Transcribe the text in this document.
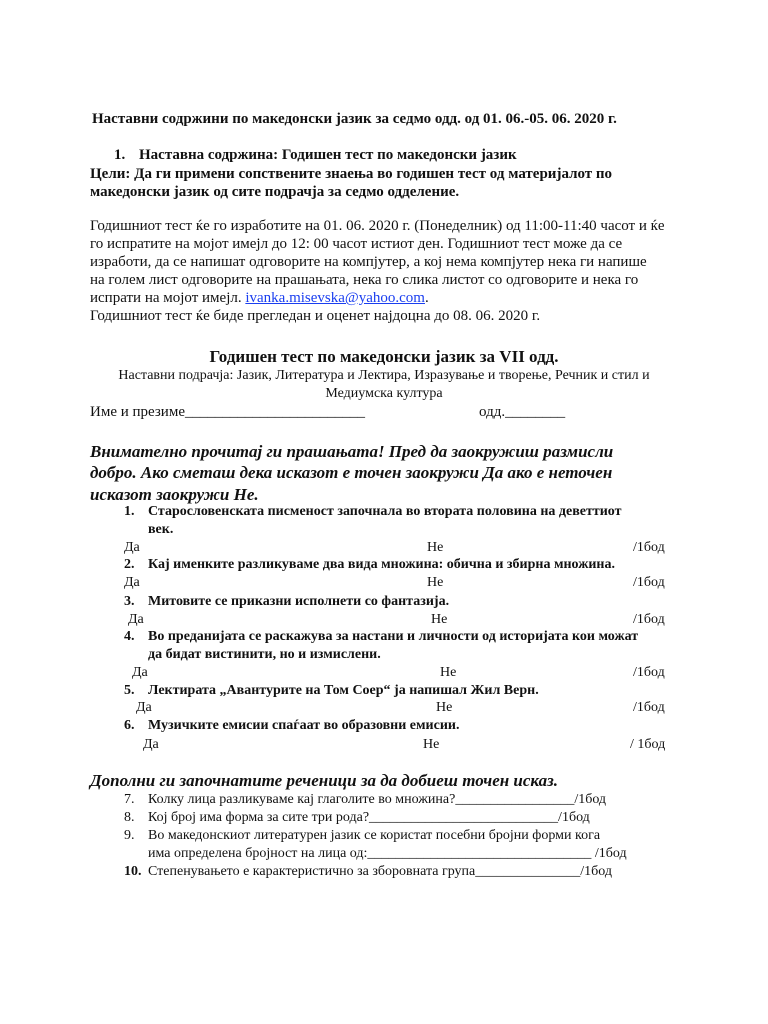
Наставни содржини по македонски јазик за седмо одд. од 01. 06.-05. 06. 2020 г.
1. Наставна содржина: Годишен тест по македонски јазик
Цели: Да ги примени сопствените знаења во годишен тест од материјалот по
македонски јазик од сите подрачја за седмо одделение.
Годишниот тест ќе го изработите на 01. 06. 2020 г. (Понеделник) од 11:00-11:40 часот и ќе
го испратите на мојот имејл до 12: 00 часот истиот ден. Годишниот тест може да се
изработи, да се напишат одговорите на компјутер, а кој нема компјутер нека ги напише
на голем лист одговорите на прашањата, нека го слика листот со одговорите и нека го
испрати на мојот имејл. ivanka.misevska@yahoo.com.
Годишниот тест ќе биде прегледан и оценет најдоцна до 08. 06. 2020 г.
Годишен тест по македонски јазик за VII одд.
Наставни подрачја: Јазик, Литература и Лектира, Изразување и творење, Речник и стил и
Медиумска култура
Име и презиме________________________	одд.________
Внимателно прочитај ги прашањата! Пред да заокружиш размисли
добро. Ако сметаш дека исказот е точен заокружи Да ако е неточен
исказот заокружи Не.
1. Старословенската писменост започнала во втората половина на деветтиот
век.
Да	Не	/1бод
2. Кај именките разликуваме два вида множина: обична и збирна множина.
Да	Не	/1бод
3. Митовите се приказни исполнети со фантазија.
Да	Не	/1бод
4. Во преданијата се раскажува за настани и личности од историјата кои можат
да бидат вистинити, но и измислени.
Да	Не	/1бод
5. Лектирата „Авантурите на Том Соер“ ја напишал Жил Верн.
Да	Не	/1бод
6. Музичките емисии спаѓаат во образовни емисии.
Да	Не	/ 1бод
Дополни ги започнатите реченици за да добиеш точен исказ.
7. Колку лица разликуваме кај глаголите во множина?_________________/1бод
8. Кој број има форма за сите три рода?___________________________/1бод
9. Во македонскиот литературен јазик се користат посебни бројни форми кога
има определена бројност на лица од:________________________________ /1бод
10. Степенувањето е карактеристично за зборовната група_______________/1бод
